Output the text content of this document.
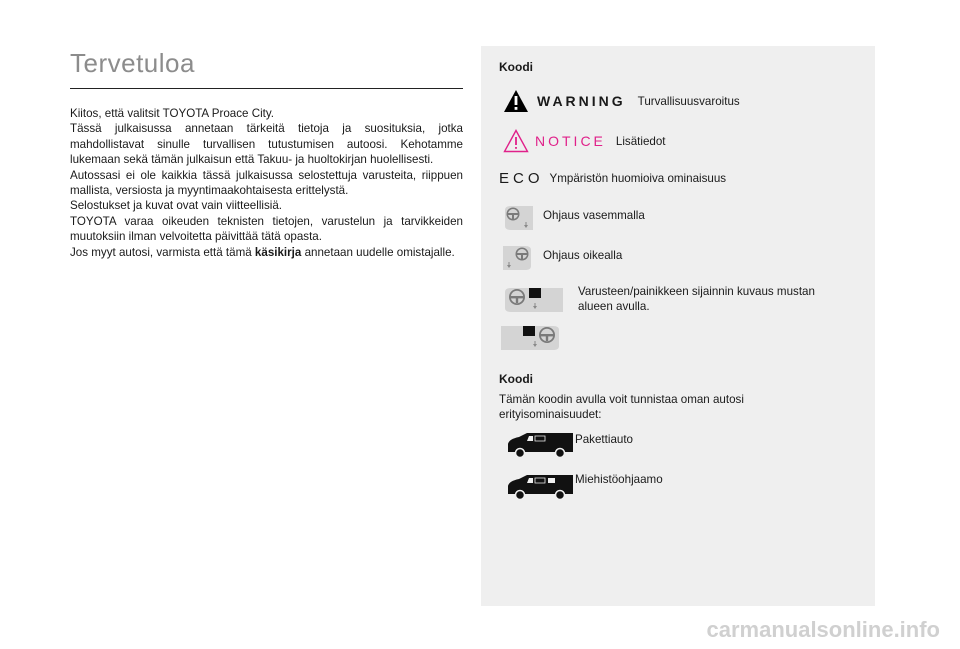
Tervetuloa

Kiitos, että valitsit TOYOTA Proace City.

Tässä julkaisussa annetaan tärkeitä tietoja ja suosituksia, jotka mahdollistavat sinulle turvallisen tutustumisen autoosi. Kehotamme lukemaan sekä tämän julkaisun että Takuu- ja huoltokirjan huolellisesti.

Autossasi ei ole kaikkia tässä julkaisussa selostettuja varusteita, riippuen mallista, versiosta ja myyntimaakohtaisesta erittelystä.

Selostukset ja kuvat ovat vain viitteellisiä.

TOYOTA varaa oikeuden teknisten tietojen, varustelun ja tarvikkeiden muutoksiin ilman velvoitetta päivittää tätä opasta.

Jos myyt autosi, varmista että tämä käsikirja annetaan uudelle omistajalle.

Koodi
WARNING Turvallisuusvaroitus
NOTICE Lisätiedot
ECO Ympäristön huomioiva ominaisuus
Ohjaus vasemmalla
Ohjaus oikealla
Varusteen/painikkeen sijainnin kuvaus mustan alueen avulla.
Koodi
Tämän koodin avulla voit tunnistaa oman autosi erityisominaisuudet:
Pakettiauto
Miehistöohjaamo
carmanualsonline.info
